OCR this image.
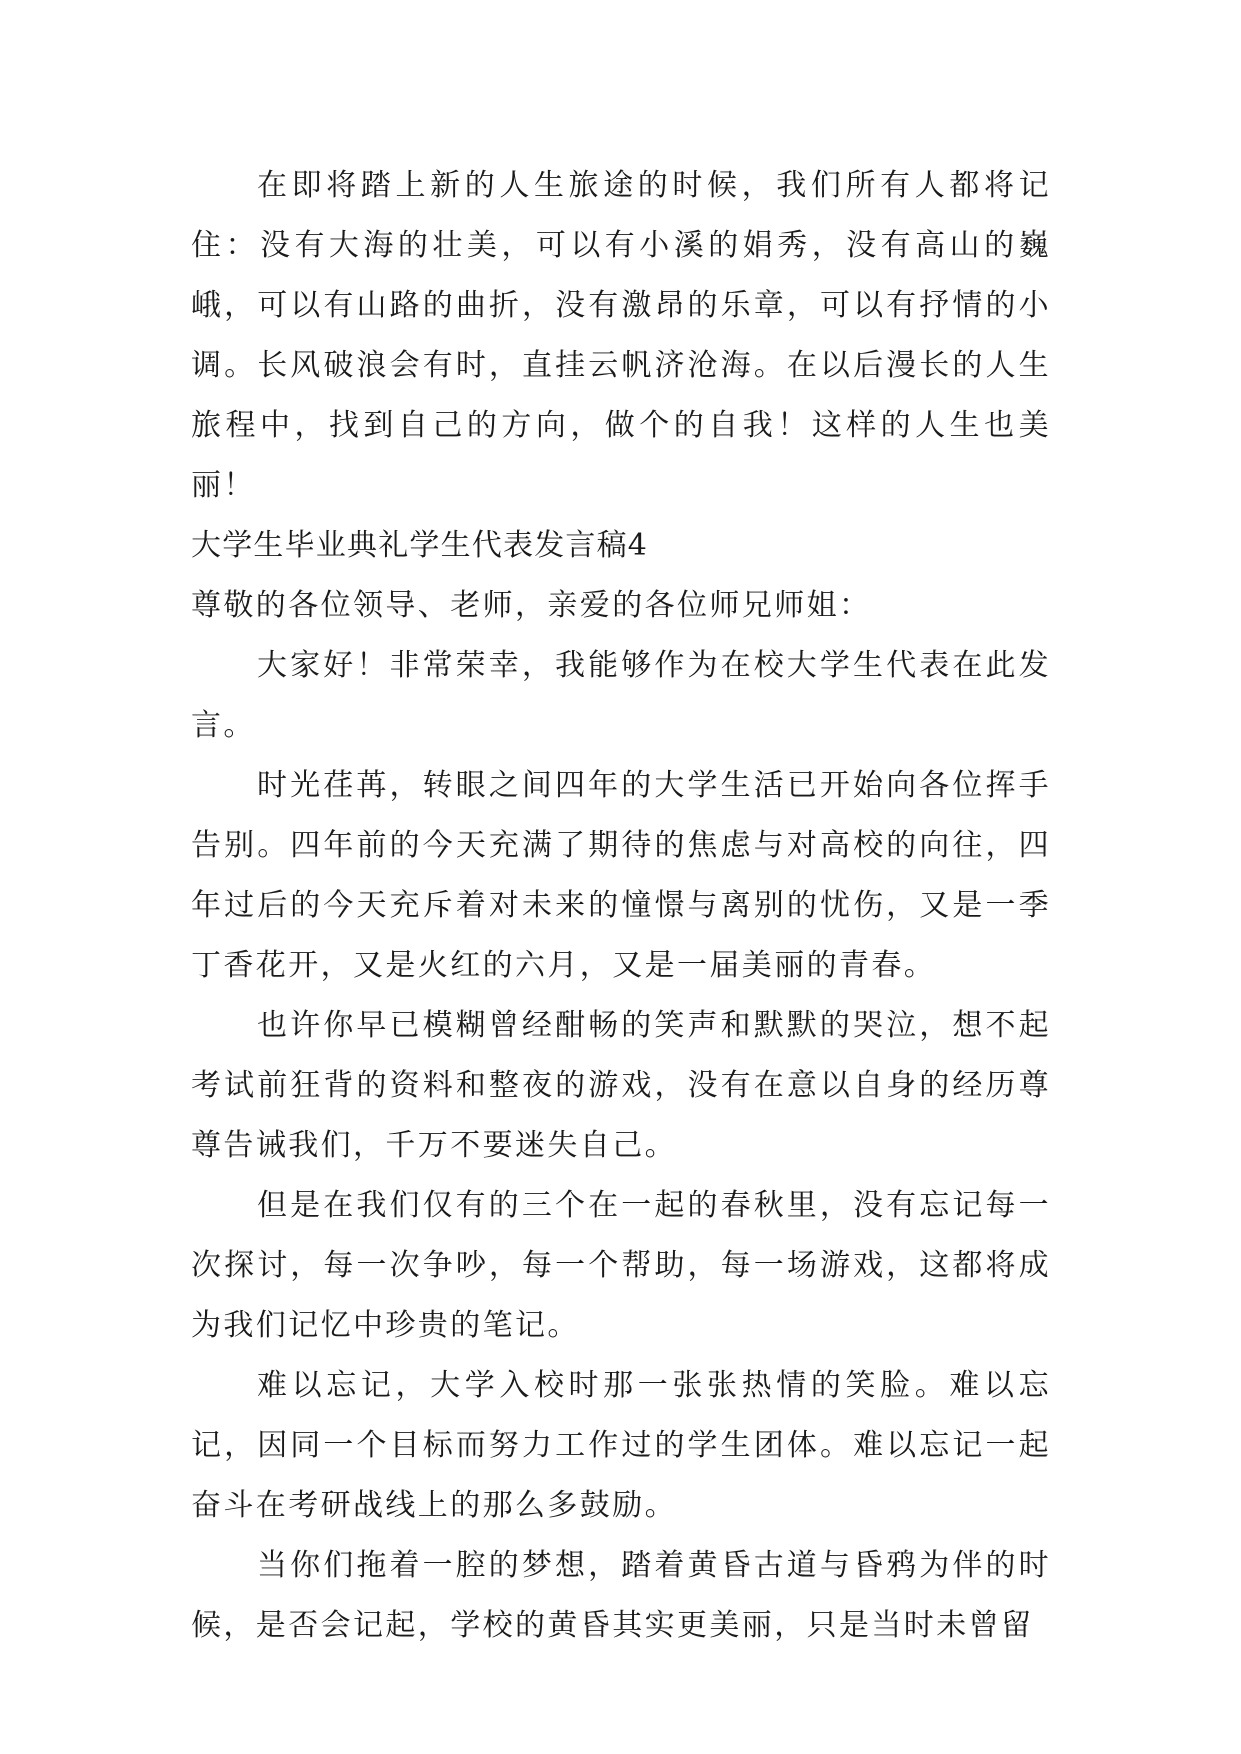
在即将踏上新的人生旅途的时候，我们所有人都将记住：没有大海的壮美，可以有小溪的娟秀，没有高山的巍峨，可以有山路的曲折，没有激昂的乐章，可以有抒情的小调。长风破浪会有时，直挂云帆济沧海。在以后漫长的人生旅程中，找到自己的方向，做个的自我！这样的人生也美丽！

大学生毕业典礼学生代表发言稿4

尊敬的各位领导、老师，亲爱的各位师兄师姐：

大家好！非常荣幸，我能够作为在校大学生代表在此发言。

时光荏苒，转眼之间四年的大学生活已开始向各位挥手告别。四年前的今天充满了期待的焦虑与对高校的向往，四年过后的今天充斥着对未来的憧憬与离别的忧伤，又是一季丁香花开，又是火红的六月，又是一届美丽的青春。

也许你早已模糊曾经酣畅的笑声和默默的哭泣，想不起考试前狂背的资料和整夜的游戏，没有在意以自身的经历尊尊告诫我们，千万不要迷失自己。

但是在我们仅有的三个在一起的春秋里，没有忘记每一次探讨，每一次争吵，每一个帮助，每一场游戏，这都将成为我们记忆中珍贵的笔记。

难以忘记，大学入校时那一张张热情的笑脸。难以忘记，因同一个目标而努力工作过的学生团体。难以忘记一起奋斗在考研战线上的那么多鼓励。

当你们拖着一腔的梦想，踏着黄昏古道与昏鸦为伴的时候，是否会记起，学校的黄昏其实更美丽，只是当时未曾留
